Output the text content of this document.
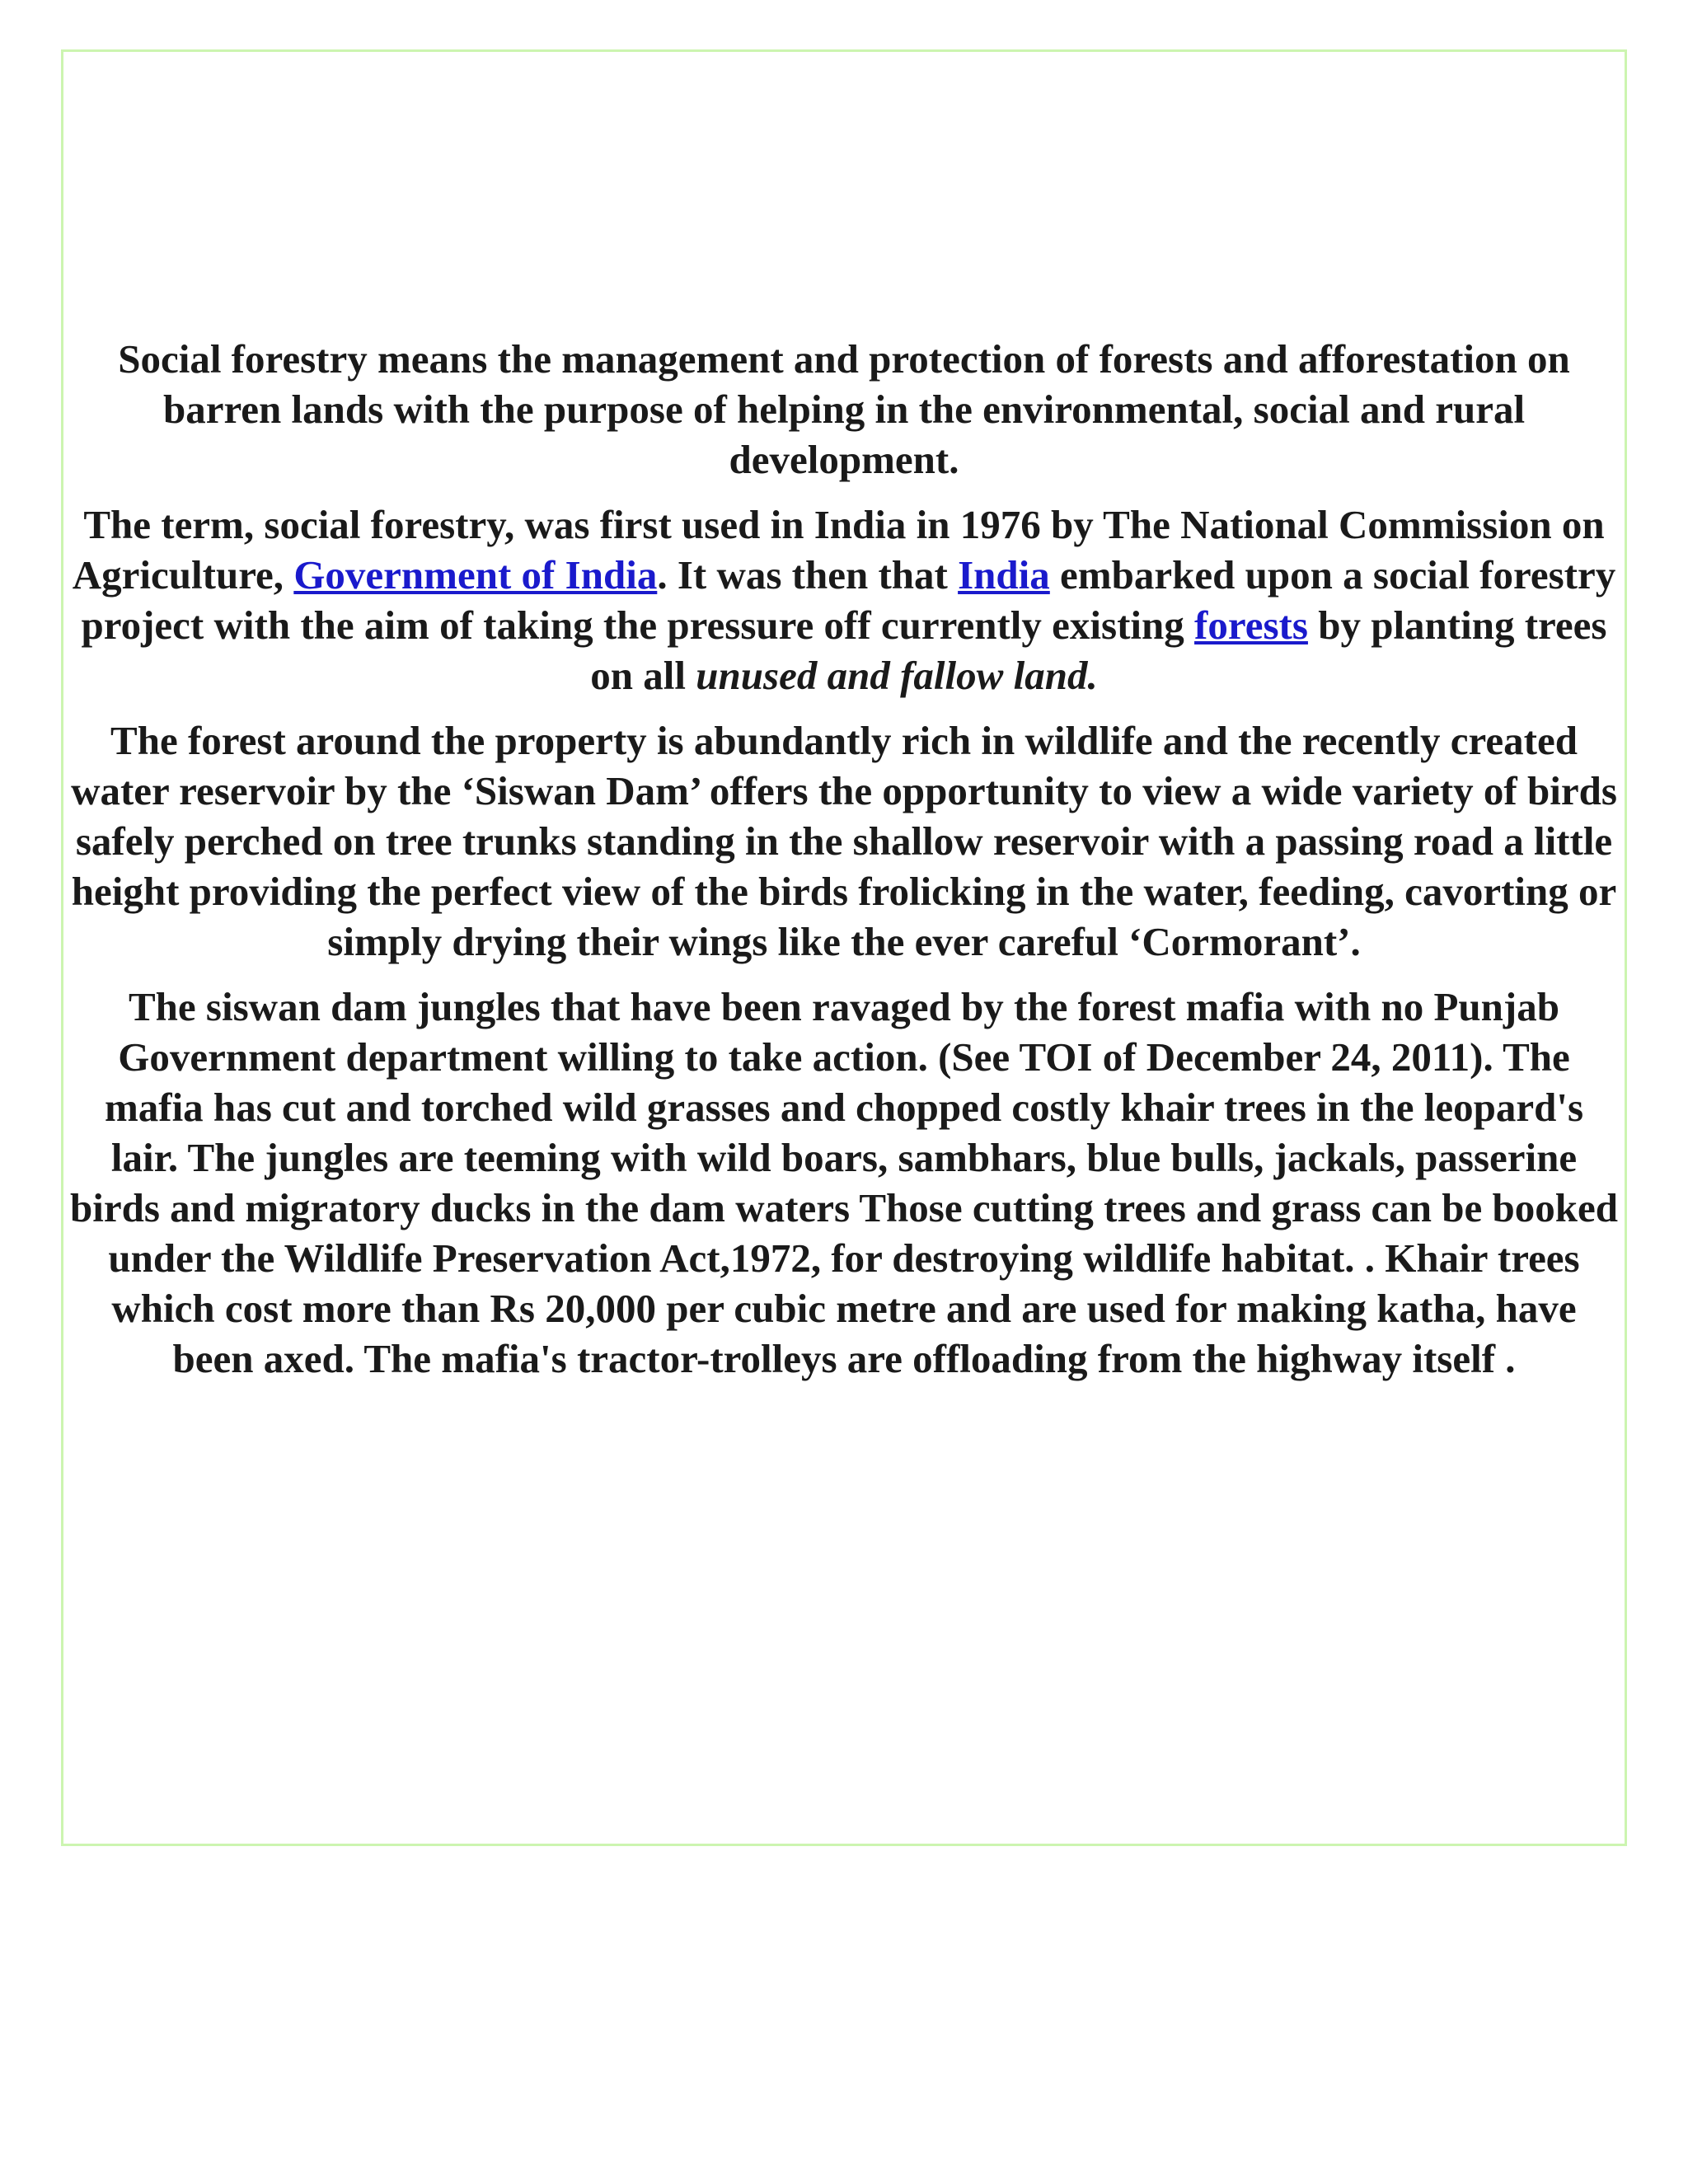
Social forestry means the management and protection of forests and afforestation on barren lands with the purpose of helping in the environmental, social and rural development.

The term, social forestry, was first used in India in 1976 by The National Commission on Agriculture, Government of India. It was then that India embarked upon a social forestry project with the aim of taking the pressure off currently existing forests by planting trees on all unused and fallow land.

The forest around the property is abundantly rich in wildlife and the recently created water reservoir by the ‘Siswan Dam’ offers the opportunity to view a wide variety of birds safely perched on tree trunks standing in the shallow reservoir with a passing road a little height providing the perfect view of the birds frolicking in the water, feeding, cavorting or simply drying their wings like the ever careful ‘Cormorant’.

The siswan dam jungles that have been ravaged by the forest mafia with no Punjab Government department willing to take action. (See TOI of December 24, 2011). The mafia has cut and torched wild grasses and chopped costly khair trees in the leopard's lair. The jungles are teeming with wild boars, sambhars, blue bulls, jackals, passerine birds and migratory ducks in the dam waters Those cutting trees and grass can be booked under the Wildlife Preservation Act,1972, for destroying wildlife habitat. . Khair trees which cost more than Rs 20,000 per cubic metre and are used for making katha, have been axed. The mafia's tractor-trolleys are offloading from the highway itself .
